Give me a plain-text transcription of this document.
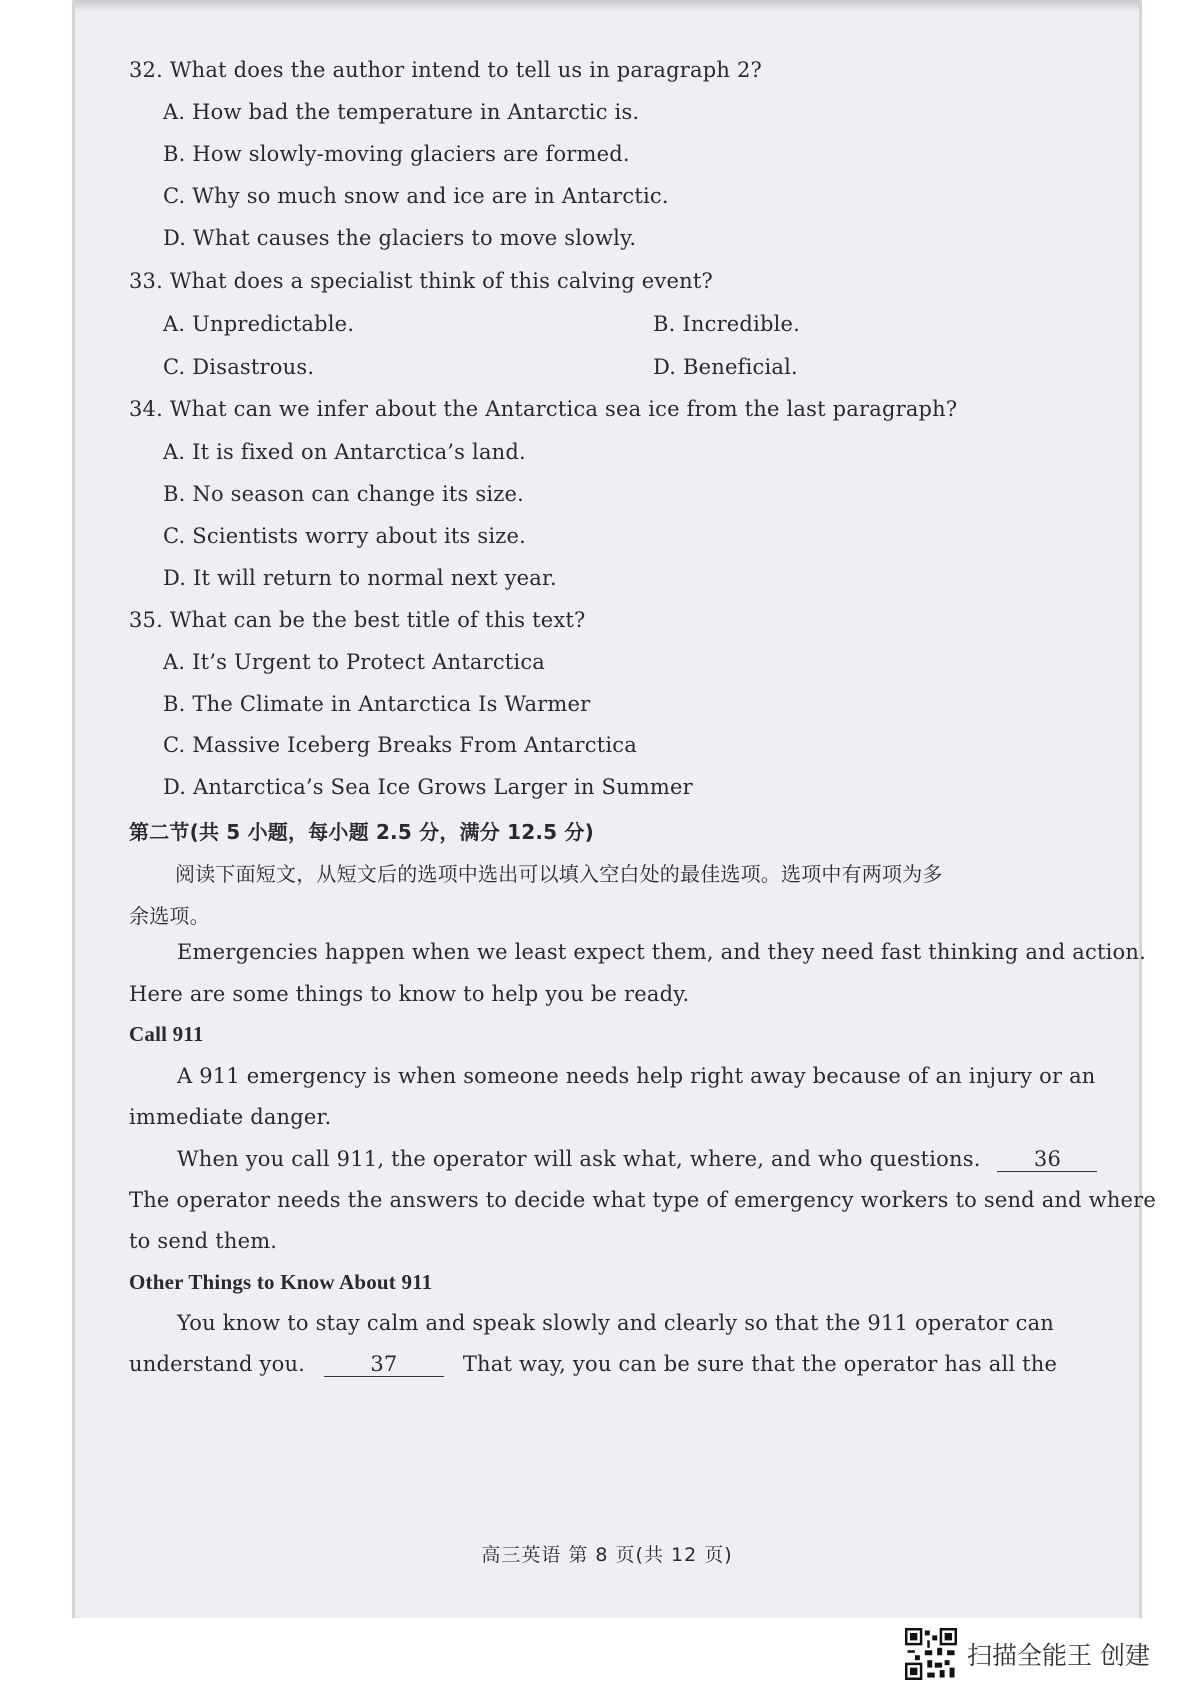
32. What does the author intend to tell us in paragraph 2?
A. How bad the temperature in Antarctic is.
B. How slowly-moving glaciers are formed.
C. Why so much snow and ice are in Antarctic.
D. What causes the glaciers to move slowly.
33. What does a specialist think of this calving event?
A. Unpredictable.	B. Incredible.
C. Disastrous.	D. Beneficial.
34. What can we infer about the Antarctica sea ice from the last paragraph?
A. It is fixed on Antarctica’s land.
B. No season can change its size.
C. Scientists worry about its size.
D. It will return to normal next year.
35. What can be the best title of this text?
A. It’s Urgent to Protect Antarctica
B. The Climate in Antarctica Is Warmer
C. Massive Iceberg Breaks From Antarctica
D. Antarctica’s Sea Ice Grows Larger in Summer
第二节(共 5 小题，每小题 2.5 分，满分 12.5 分)
阅读下面短文，从短文后的选项中选出可以填入空白处的最佳选项。选项中有两项为多
余选项。
Emergencies happen when we least expect them, and they need fast thinking and action.
Here are some things to know to help you be ready.
Call 911
A 911 emergency is when someone needs help right away because of an injury or an
immediate danger.
When you call 911, the operator will ask what, where, and who questions.	36
The operator needs the answers to decide what type of emergency workers to send and where
to send them.
Other Things to Know About 911
You know to stay calm and speak slowly and clearly so that the 911 operator can
understand you.	37	That way, you can be sure that the operator has all the
高三英语 第 8 页(共 12 页)
扫描全能王 创建
